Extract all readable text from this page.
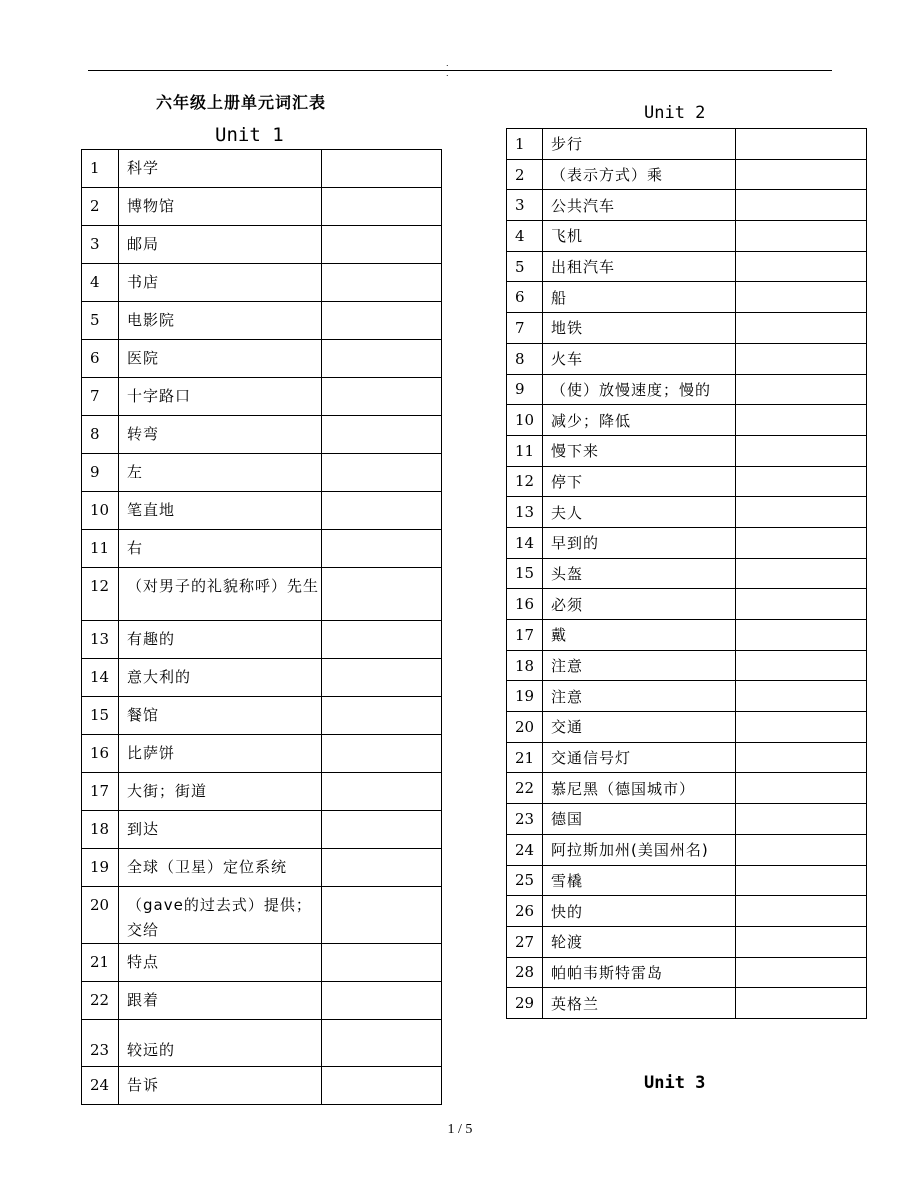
. .
六年级上册单元词汇表
Unit 1
Unit 2
Unit 3
1	科学	

2	博物馆	

3	邮局	

4	书店	

5	电影院	

6	医院	

7	十字路口	

8	转弯	

9	左	

10	笔直地	

11	右	

12	（对男子的礼貌称呼）先生	

13	有趣的	

14	意大利的	

15	餐馆	

16	比萨饼	

17	大街；街道	

18	到达	

19	全球（卫星）定位系统	

20	（gave的过去式）提供；交给	

21	特点	

22	跟着	

23	较远的	

24	告诉	

1	步行	
2	（表示方式）乘	
3	公共汽车	
4	飞机	
5	出租汽车	
6	船	
7	地铁	
8	火车	
9	（使）放慢速度；慢的	
10	减少；降低	
11	慢下来	
12	停下	
13	夫人	
14	早到的	
15	头盔	
16	必须	
17	戴	
18	注意	
19	注意	
20	交通	
21	交通信号灯	
22	慕尼黑（德国城市）	
23	德国	
24	阿拉斯加州(美国州名)	
25	雪橇	
26	快的	
27	轮渡	
28	帕帕韦斯特雷岛	
29	英格兰	
1 / 5
